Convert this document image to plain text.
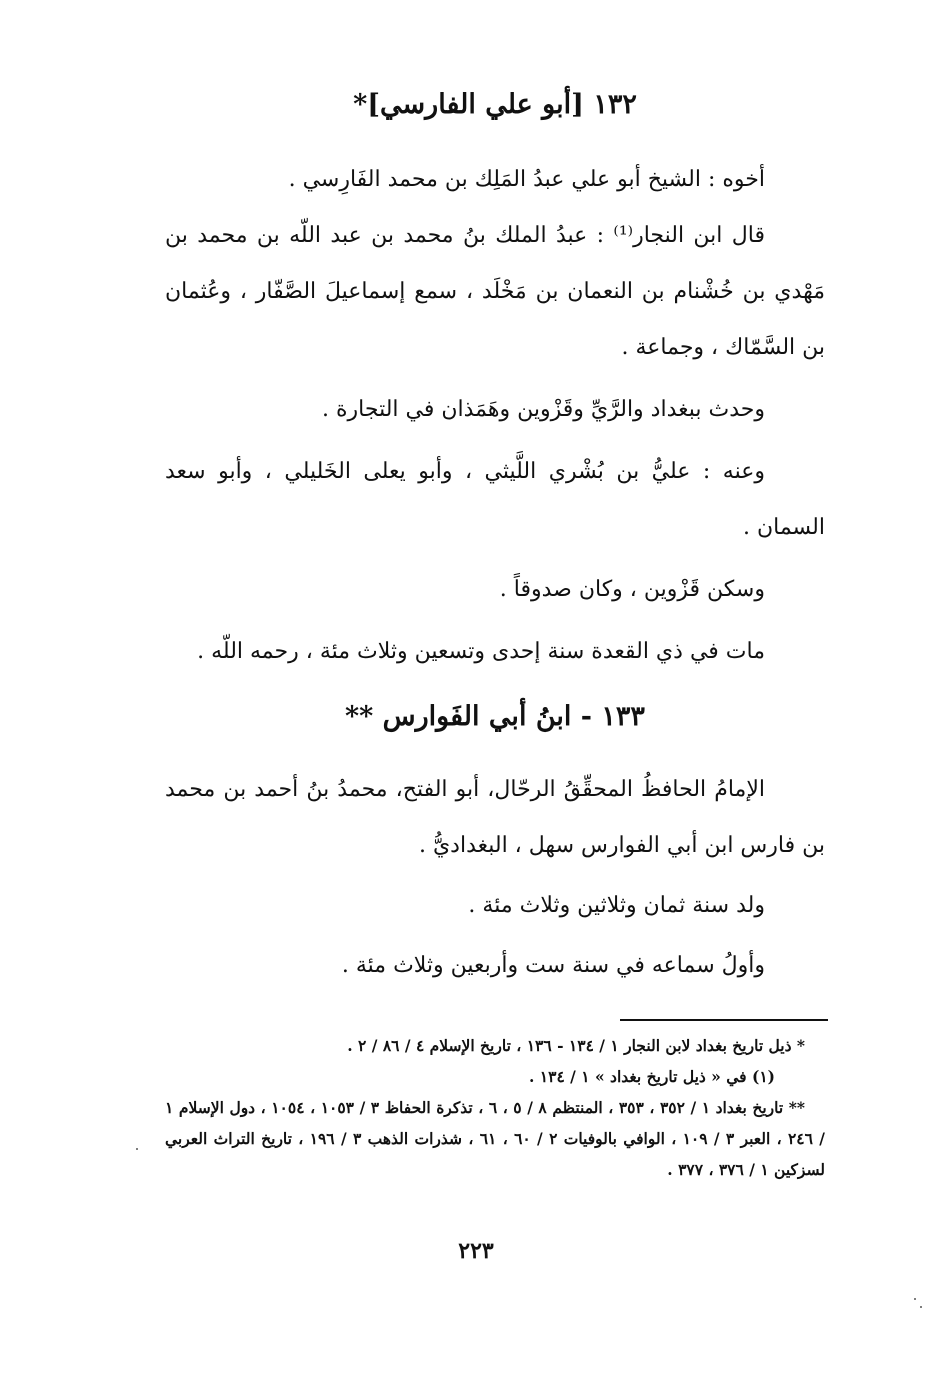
١٣٢ [أبو علي الفارسي]*

أخوه : الشيخ أبو علي عبدُ المَلِك بن محمد الفَارِسي .

قال ابن النجار⁽¹⁾ : عبدُ الملك بنُ محمد بن عبد اللّه بن محمد بن مَهْدي بن خُشْنام بن النعمان بن مَخْلَد ، سمع إسماعيلَ الصَّفّار ، وعُثمان بن السَّمّاك ، وجماعة .

وحدث ببغداد والرَّيِّ وقَزْوين وهَمَذان في التجارة .

وعنه : عليُّ بن بُشْري اللَّيثي ، وأبو يعلى الخَليلي ، وأبو سعد السمان .

وسكن قَزْوين ، وكان صدوقاً .

مات في ذي القعدة سنة إحدى وتسعين وثلاث مئة ، رحمه اللّه .

١٣٣ - ابنُ أبي الفَوارس **

الإمامُ الحافظُ المحقِّقُ الرحّال، أبو الفتح، محمدُ بنُ أحمد بن محمد بن فارس ابن أبي الفوارس سهل ، البغداديُّ .

ولد سنة ثمان وثلاثين وثلاث مئة .

وأولُ سماعه في سنة ست وأربعين وثلاث مئة .

* ذيل تاريخ بغداد لابن النجار ١ / ١٣٤ - ١٣٦ ، تاريخ الإسلام ٤ / ٨٦ / ٢ .

(١) في « ذيل تاريخ بغداد » ١ / ١٣٤ .

** تاريخ بغداد ١ / ٣٥٢ ، ٣٥٣ ، المنتظم ٨ / ٥ ، ٦ ، تذكرة الحفاظ ٣ / ١٠٥٣ ، ١٠٥٤ ، دول الإسلام ١ / ٢٤٦ ، العبر ٣ / ١٠٩ ، الوافي بالوفيات ٢ / ٦٠ ، ٦١ ، شذرات الذهب ٣ / ١٩٦ ، تاريخ التراث العربي لسزكين ١ / ٣٧٦ ، ٣٧٧ .

٢٢٣
